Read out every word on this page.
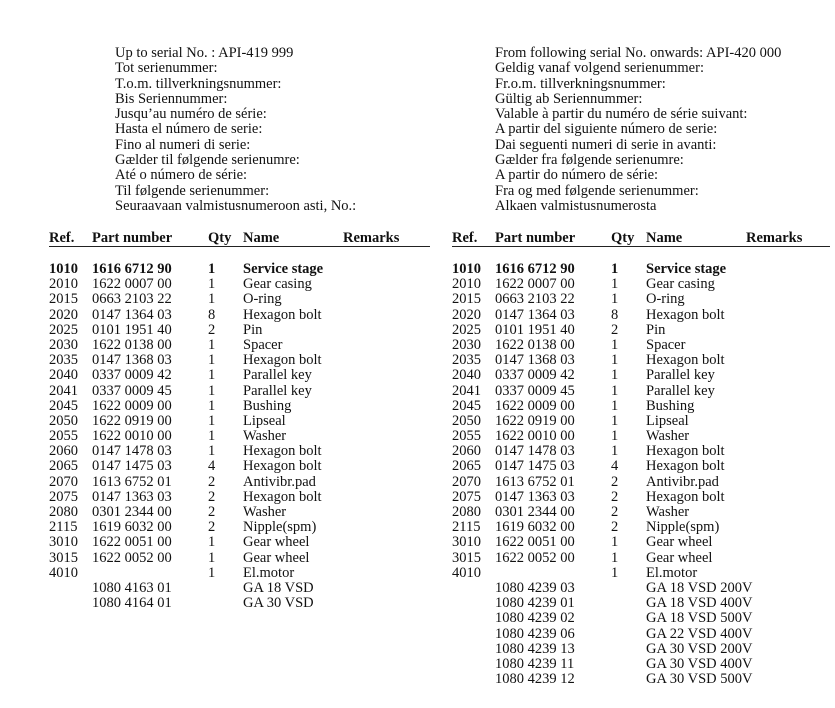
Up to serial No. : API-419 999
Tot serienummer:
T.o.m. tillverkningsnummer:
Bis Seriennummer:
Jusqu’au numéro de série:
Hasta el número de serie:
Fino al numeri di serie:
Gælder til følgende serienumre:
Até o número de série:
Til følgende serienummer:
Seuraavaan valmistusnumeroon asti, No.:
Ref. Part number Qty Name	Remarks
1010 1616 6712 90	1 Service stage
2010 1622 0007 00	1 Gear casing
2015 0663 2103 22	1 O-ring
2020 0147 1364 03	8 Hexagon bolt
2025 0101 1951 40	2 Pin
2030 1622 0138 00	1 Spacer
2035 0147 1368 03	1 Hexagon bolt
2040 0337 0009 42	1 Parallel key
2041 0337 0009 45	1 Parallel key
2045 1622 0009 00	1 Bushing
2050 1622 0919 00	1 Lipseal
2055 1622 0010 00	1 Washer
2060 0147 1478 03	1 Hexagon bolt
2065 0147 1475 03	4 Hexagon bolt
2070 1613 6752 01	2 Antivibr.pad
2075 0147 1363 03	2 Hexagon bolt
2080 0301 2344 00	2 Washer
2115 1619 6032 00	2 Nipple(spm)
3010 1622 0051 00	1 Gear wheel
3015 1622 0052 00	1 Gear wheel
4010	1 El.motor
1080 4163 01	GA 18 VSD
1080 4164 01	GA 30 VSD
From following serial No. onwards: API-420 000
Geldig vanaf volgend serienummer:
Fr.o.m. tillverkningsnummer:
Gültig ab Seriennummer:
Valable à partir du numéro de série suivant:
A partir del siguiente número de serie:
Dai seguenti numeri di serie in avanti:
Gælder fra følgende serienumre:
A partir do número de série:
Fra og med følgende serienummer:
Alkaen valmistusnumerosta
Ref. Part number Qty Name	Remarks
1010 1616 6712 90	1 Service stage
2010 1622 0007 00	1 Gear casing
2015 0663 2103 22	1 O-ring
2020 0147 1364 03	8 Hexagon bolt
2025 0101 1951 40	2 Pin
2030 1622 0138 00	1 Spacer
2035 0147 1368 03	1 Hexagon bolt
2040 0337 0009 42	1 Parallel key
2041 0337 0009 45	1 Parallel key
2045 1622 0009 00	1 Bushing
2050 1622 0919 00	1 Lipseal
2055 1622 0010 00	1 Washer
2060 0147 1478 03	1 Hexagon bolt
2065 0147 1475 03	4 Hexagon bolt
2070 1613 6752 01	2 Antivibr.pad
2075 0147 1363 03	2 Hexagon bolt
2080 0301 2344 00	2 Washer
2115 1619 6032 00	2 Nipple(spm)
3010 1622 0051 00	1 Gear wheel
3015 1622 0052 00	1 Gear wheel
4010	1 El.motor
1080 4239 03	GA 18 VSD 200V
1080 4239 01	GA 18 VSD 400V
1080 4239 02	GA 18 VSD 500V
1080 4239 06	GA 22 VSD 400V
1080 4239 13	GA 30 VSD 200V
1080 4239 11	GA 30 VSD 400V
1080 4239 12	GA 30 VSD 500V
